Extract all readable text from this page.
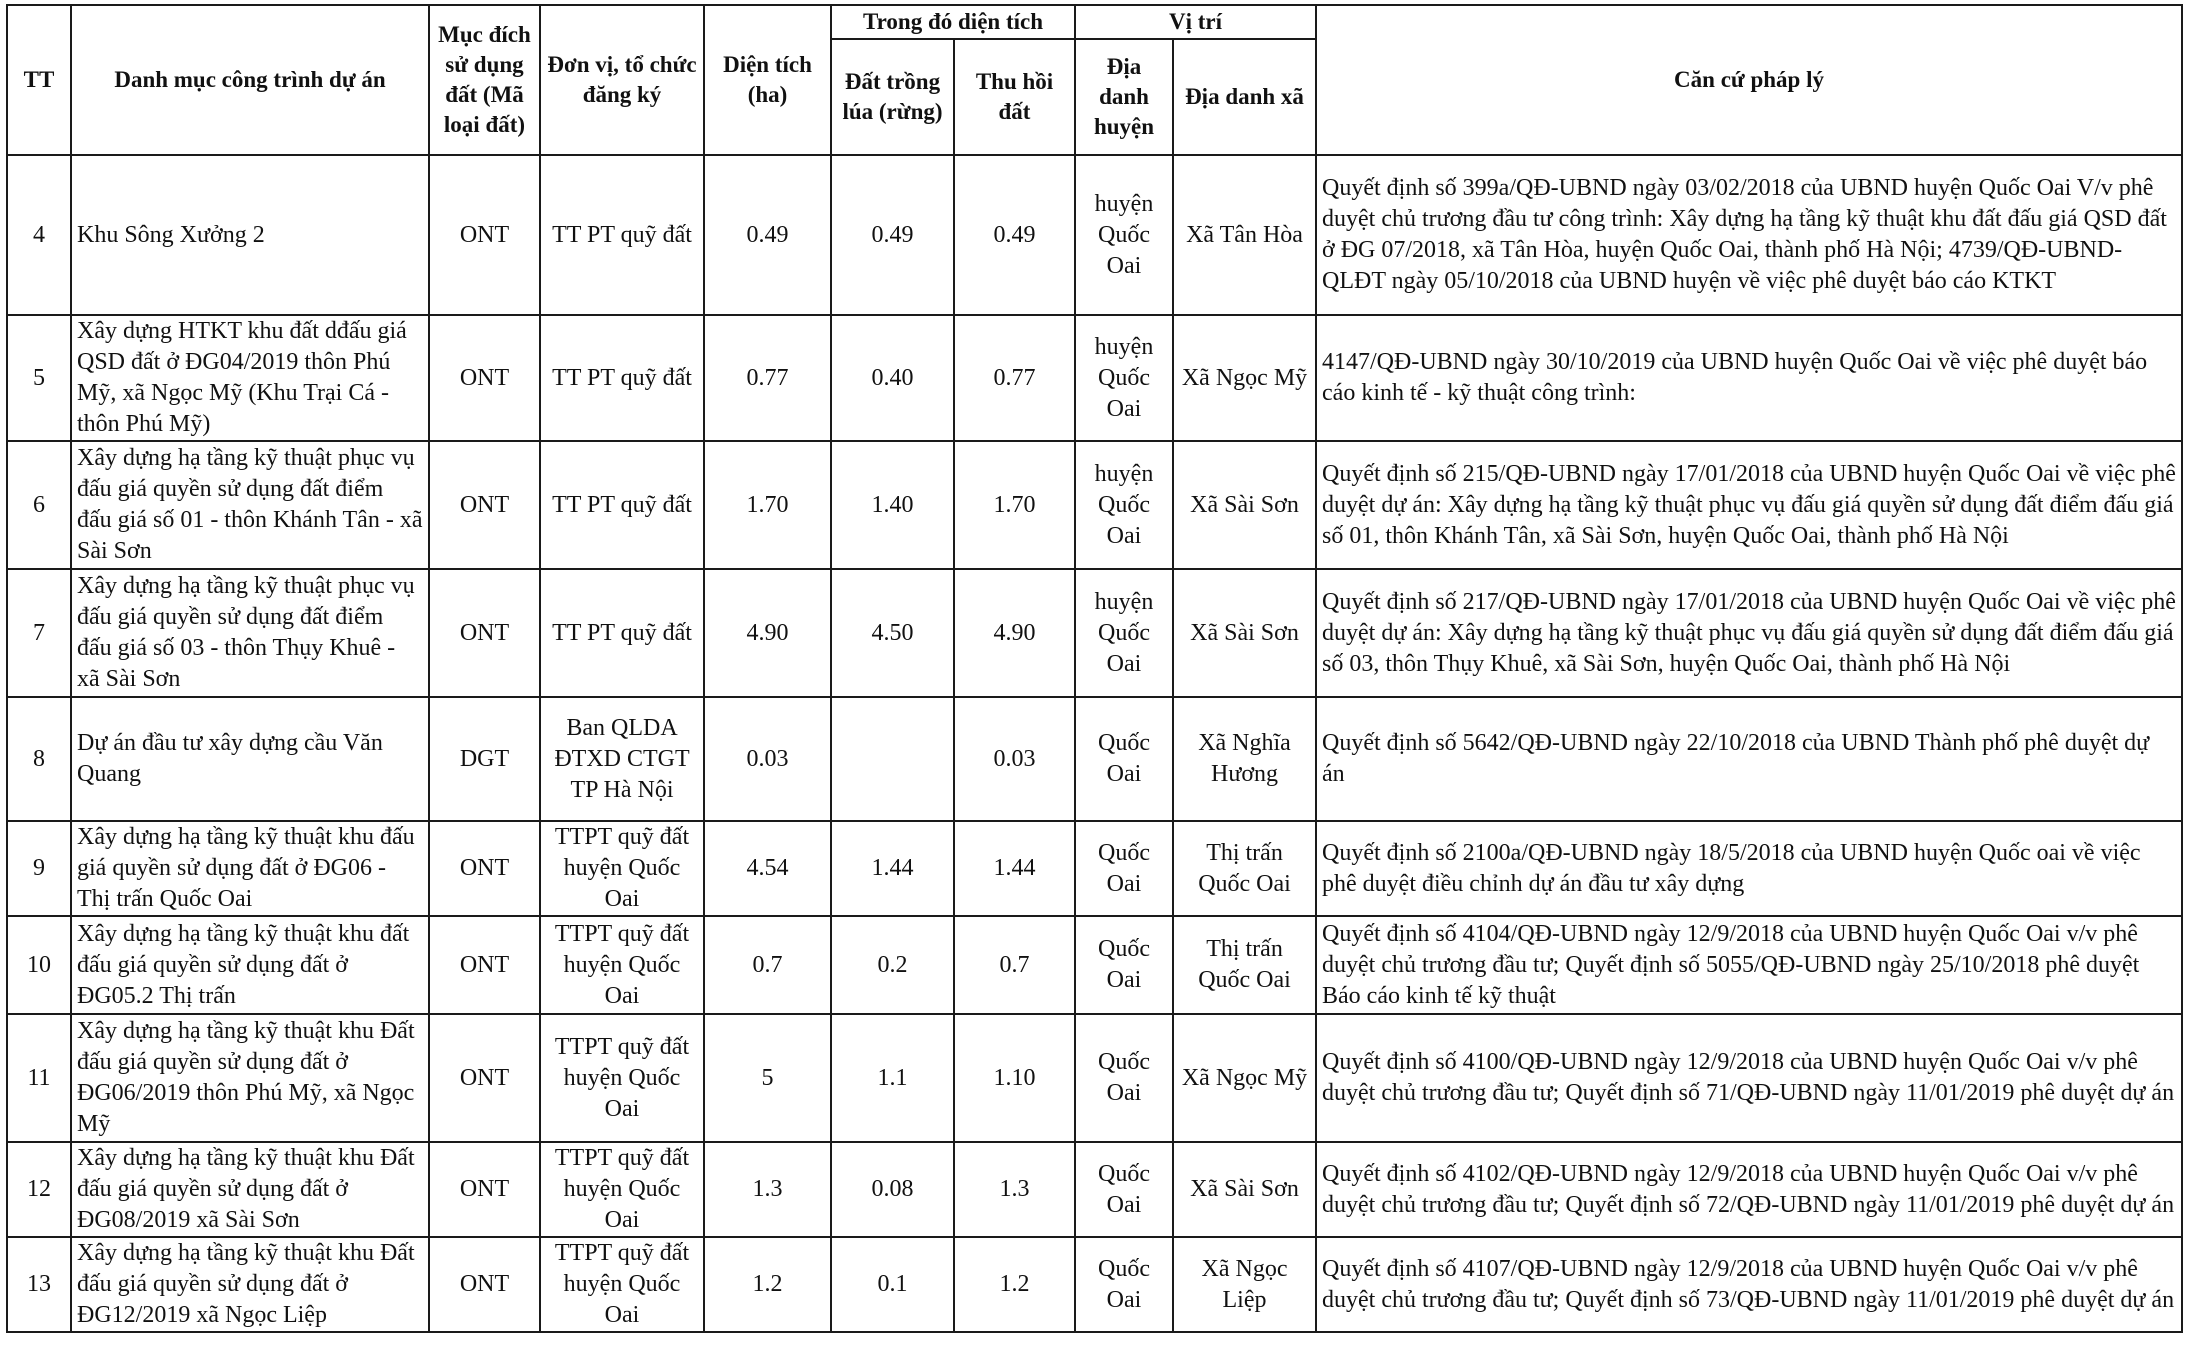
TT	Danh mục công trình dự án	Mục đích sử dụng đất (Mã loại đất)	Đơn vị, tổ chức đăng ký	Diện tích (ha)	Trong đó diện tích		Vị trí		Căn cứ pháp lý
					Đất trồng lúa (rừng)	Thu hồi đất	Địa danh huyện	Địa danh xã	
4	Khu Sông Xưởng 2	ONT	TT PT quỹ đất	0.49	0.49	0.49	huyện Quốc Oai	Xã Tân Hòa	Quyết định số 399a/QĐ-UBND ngày 03/02/2018 của UBND huyện Quốc Oai V/v phê duyệt chủ trương đầu tư công trình: Xây dựng hạ tầng kỹ thuật khu đất đấu giá QSD đất ở ĐG 07/2018, xã Tân Hòa, huyện Quốc Oai, thành phố Hà Nội; 4739/QĐ-UBND-QLĐT ngày 05/10/2018 của UBND huyện về việc phê duyệt báo cáo KTKT
5	Xây dựng HTKT khu đất dđấu giá QSD đất ở ĐG04/2019 thôn Phú Mỹ, xã Ngọc Mỹ (Khu Trại Cá - thôn Phú Mỹ)	ONT	TT PT quỹ đất	0.77	0.40	0.77	huyện Quốc Oai	Xã Ngọc Mỹ	4147/QĐ-UBND ngày 30/10/2019 của UBND huyện Quốc Oai về việc phê duyệt báo cáo kinh tế - kỹ thuật công trình:
6	Xây dựng hạ tầng kỹ thuật phục vụ đấu giá quyền sử dụng đất điểm đấu giá số 01 - thôn Khánh Tân - xã Sài Sơn	ONT	TT PT quỹ đất	1.70	1.40	1.70	huyện Quốc Oai	Xã Sài Sơn	Quyết định số 215/QĐ-UBND ngày 17/01/2018 của UBND huyện Quốc Oai về việc phê duyệt dự án: Xây dựng hạ tầng kỹ thuật phục vụ đấu giá quyền sử dụng đất điểm đấu giá số 01, thôn Khánh Tân, xã Sài Sơn, huyện Quốc Oai, thành phố Hà Nội
7	Xây dựng hạ tầng kỹ thuật phục vụ đấu giá quyền sử dụng đất điểm đấu giá số 03 - thôn Thụy Khuê - xã Sài Sơn	ONT	TT PT quỹ đất	4.90	4.50	4.90	huyện Quốc Oai	Xã Sài Sơn	Quyết định số 217/QĐ-UBND ngày 17/01/2018 của UBND huyện Quốc Oai về việc phê duyệt dự án: Xây dựng hạ tầng kỹ thuật phục vụ đấu giá quyền sử dụng đất điểm đấu giá số 03, thôn Thụy Khuê, xã Sài Sơn, huyện Quốc Oai, thành phố Hà Nội
8	Dự án đầu tư xây dựng cầu Văn Quang	DGT	Ban QLDA ĐTXD CTGT TP Hà Nội	0.03		0.03	Quốc Oai	Xã Nghĩa Hương	Quyết định số 5642/QĐ-UBND ngày 22/10/2018 của UBND Thành phố phê duyệt dự án
9	Xây dựng hạ tầng kỹ thuật khu đấu giá quyền sử dụng đất ở ĐG06 - Thị trấn Quốc Oai	ONT	TTPT quỹ đất huyện Quốc Oai	4.54	1.44	1.44	Quốc Oai	Thị trấn Quốc Oai	Quyết định số 2100a/QĐ-UBND ngày 18/5/2018 của UBND huyện Quốc oai về việc phê duyệt điều chỉnh dự án đầu tư xây dựng
10	Xây dựng hạ tầng kỹ thuật khu đất đấu giá quyền sử dụng đất ở ĐG05.2 Thị trấn	ONT	TTPT quỹ đất huyện Quốc Oai	0.7	0.2	0.7	Quốc Oai	Thị trấn Quốc Oai	Quyết định số 4104/QĐ-UBND ngày 12/9/2018 của UBND huyện Quốc Oai v/v phê duyệt chủ trương đầu tư; Quyết định số 5055/QĐ-UBND ngày 25/10/2018 phê duyệt Báo cáo kinh tế kỹ thuật
11	Xây dựng hạ tầng kỹ thuật khu Đất đấu giá quyền sử dụng đất ở ĐG06/2019 thôn Phú Mỹ, xã Ngọc Mỹ	ONT	TTPT quỹ đất huyện Quốc Oai	5	1.1	1.10	Quốc Oai	Xã Ngọc Mỹ	Quyết định số 4100/QĐ-UBND ngày 12/9/2018 của UBND huyện Quốc Oai v/v phê duyệt chủ trương đầu tư; Quyết định số 71/QĐ-UBND ngày 11/01/2019 phê duyệt dự án
12	Xây dựng hạ tầng kỹ thuật khu Đất đấu giá quyền sử dụng đất ở ĐG08/2019 xã Sài Sơn	ONT	TTPT quỹ đất huyện Quốc Oai	1.3	0.08	1.3	Quốc Oai	Xã Sài Sơn	Quyết định số 4102/QĐ-UBND ngày 12/9/2018 của UBND huyện Quốc Oai v/v phê duyệt chủ trương đầu tư; Quyết định số 72/QĐ-UBND ngày 11/01/2019 phê duyệt dự án
13	Xây dựng hạ tầng kỹ thuật khu Đất đấu giá quyền sử dụng đất ở ĐG12/2019 xã Ngọc Liệp	ONT	TTPT quỹ đất huyện Quốc Oai	1.2	0.1	1.2	Quốc Oai	Xã Ngọc Liệp	Quyết định số 4107/QĐ-UBND ngày 12/9/2018 của UBND huyện Quốc Oai v/v phê duyệt chủ trương đầu tư; Quyết định số 73/QĐ-UBND ngày 11/01/2019 phê duyệt dự án
